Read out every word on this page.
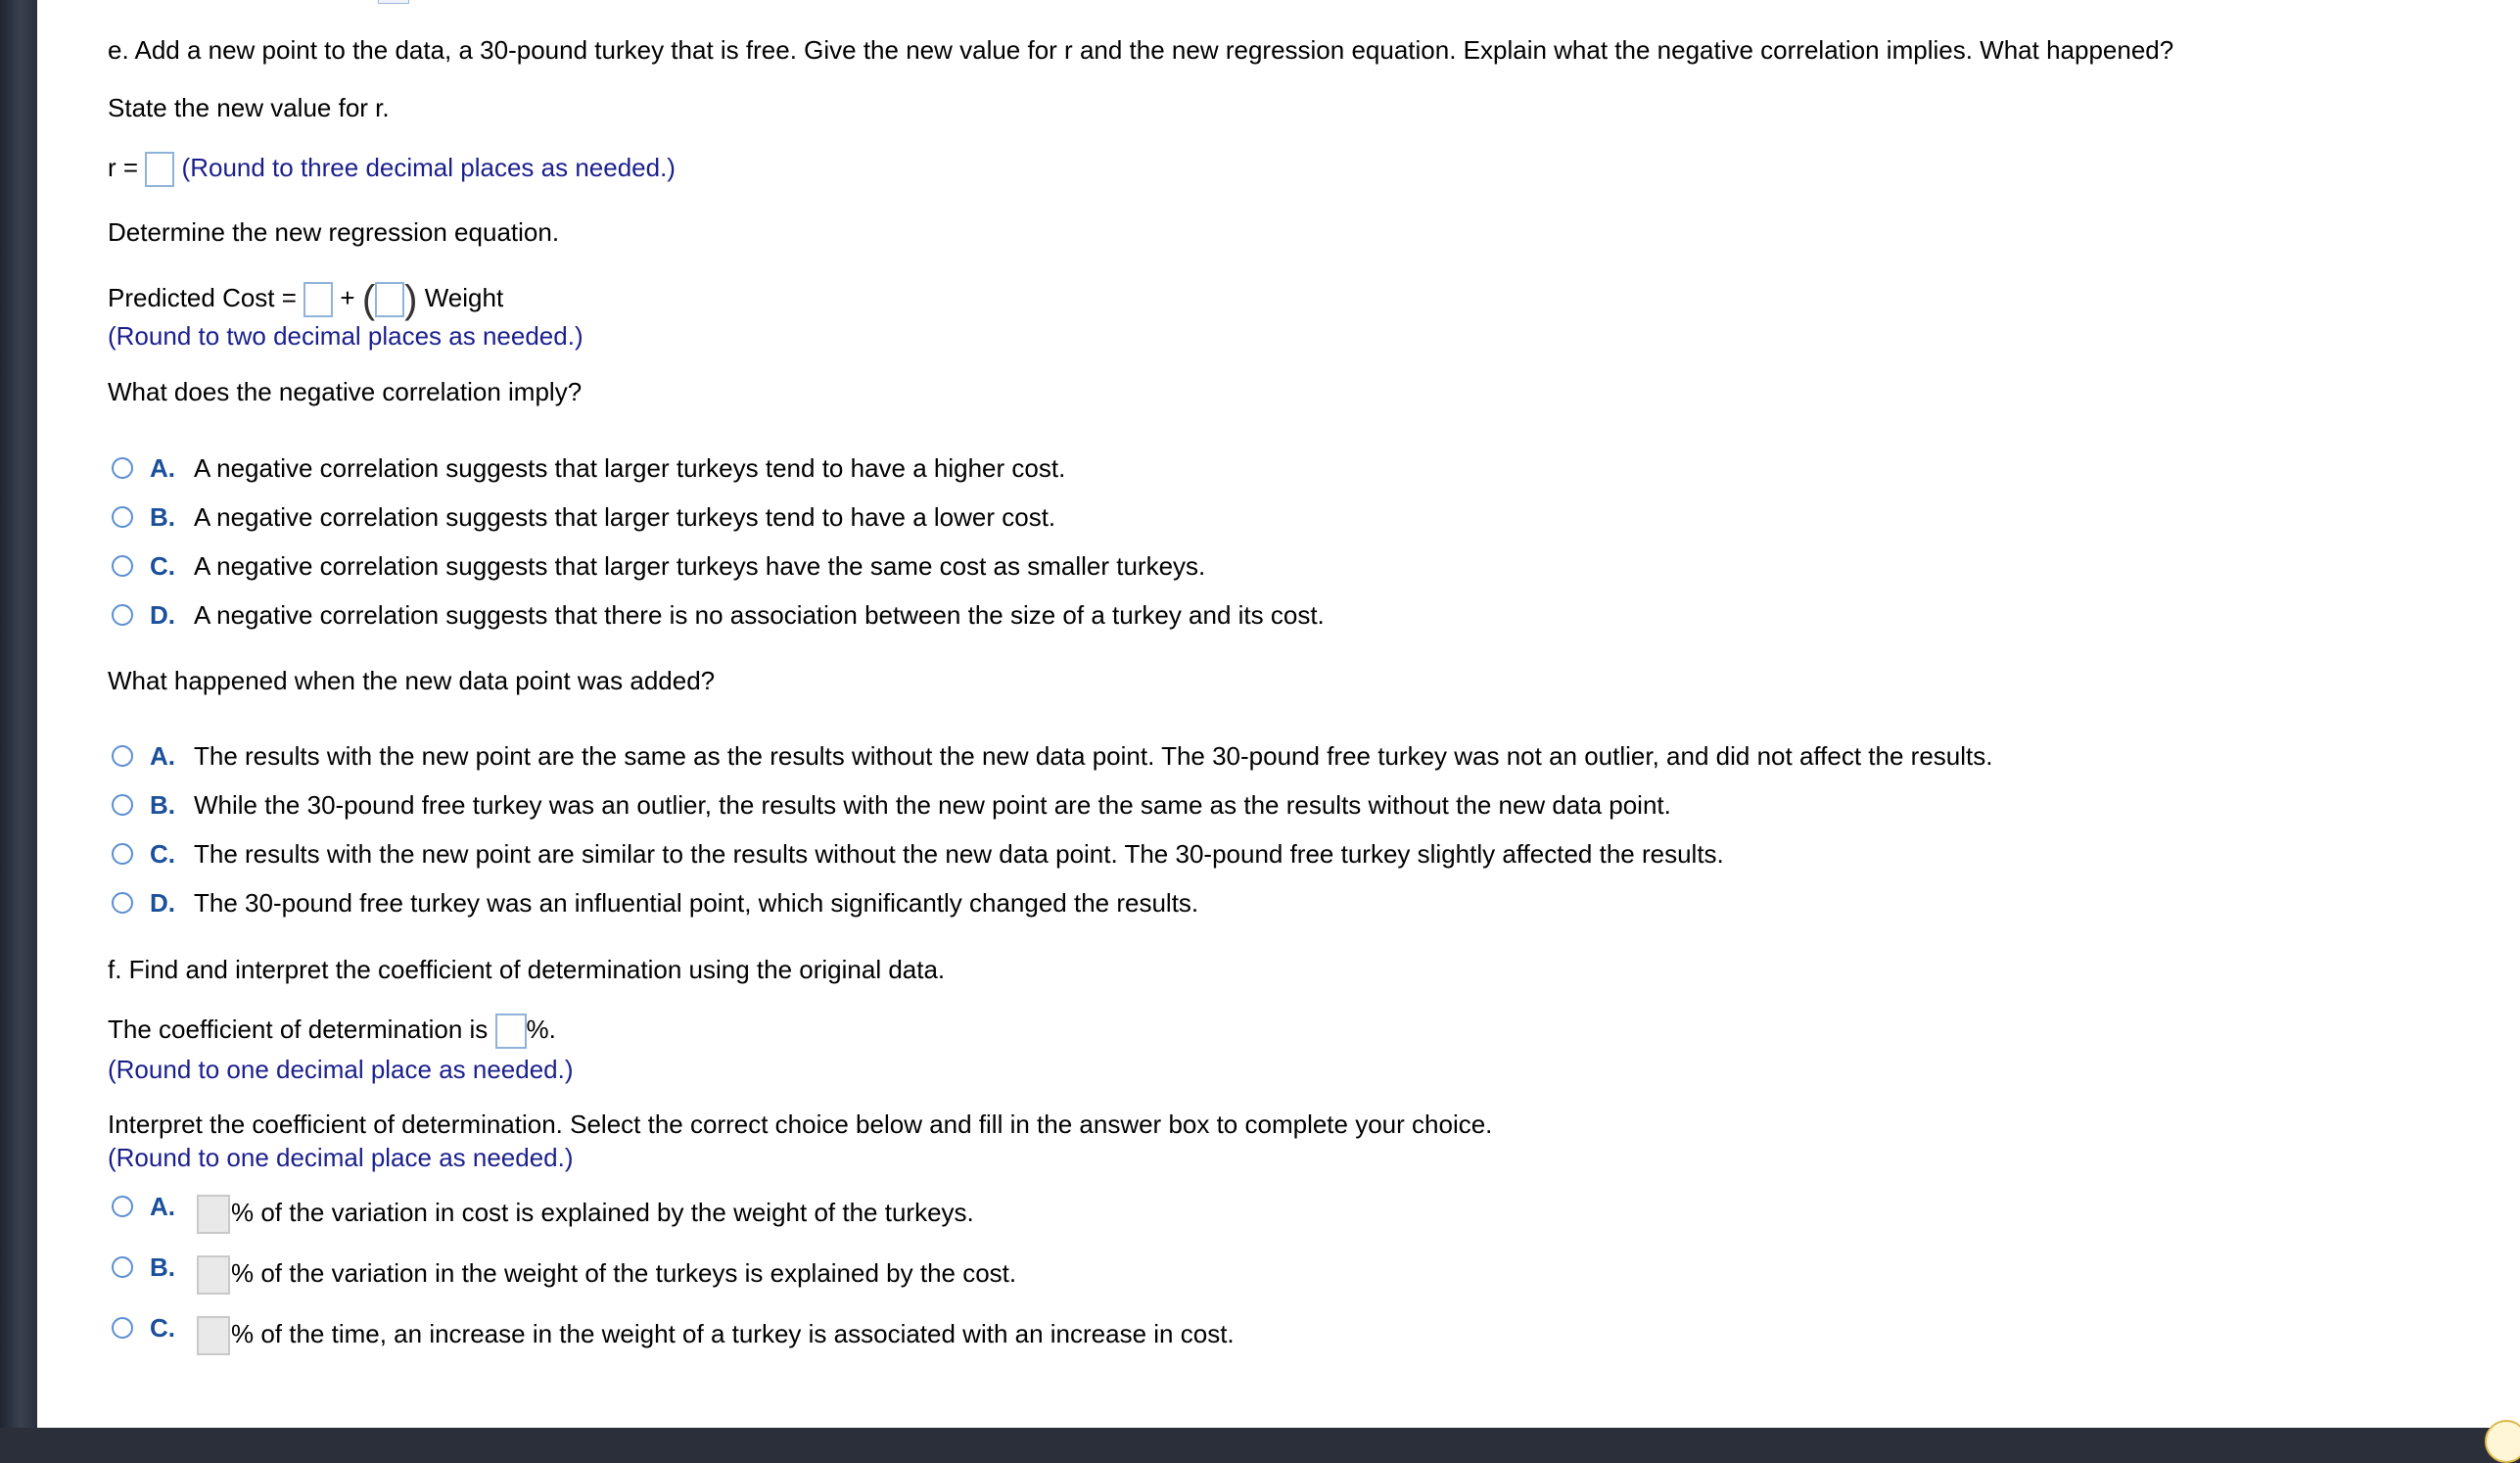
e. Add a new point to the data, a 30-pound turkey that is free. Give the new value for r and the new regression equation. Explain what the negative correlation implies. What happened?
State the new value for r.
r = (Round to three decimal places as needed.)
Determine the new regression equation.
Predicted Cost = + ( ) Weight
(Round to two decimal places as needed.)
What does the negative correlation imply?
A. A negative correlation suggests that larger turkeys tend to have a higher cost.
B. A negative correlation suggests that larger turkeys tend to have a lower cost.
C. A negative correlation suggests that larger turkeys have the same cost as smaller turkeys.
D. A negative correlation suggests that there is no association between the size of a turkey and its cost.
What happened when the new data point was added?
A. The results with the new point are the same as the results without the new data point. The 30-pound free turkey was not an outlier, and did not affect the results.
B. While the 30-pound free turkey was an outlier, the results with the new point are the same as the results without the new data point.
C. The results with the new point are similar to the results without the new data point. The 30-pound free turkey slightly affected the results.
D. The 30-pound free turkey was an influential point, which significantly changed the results.
f. Find and interpret the coefficient of determination using the original data.
The coefficient of determination is %.
(Round to one decimal place as needed.)
Interpret the coefficient of determination. Select the correct choice below and fill in the answer box to complete your choice.
(Round to one decimal place as needed.)
A. % of the variation in cost is explained by the weight of the turkeys.
B. % of the variation in the weight of the turkeys is explained by the cost.
C. % of the time, an increase in the weight of a turkey is associated with an increase in cost.
